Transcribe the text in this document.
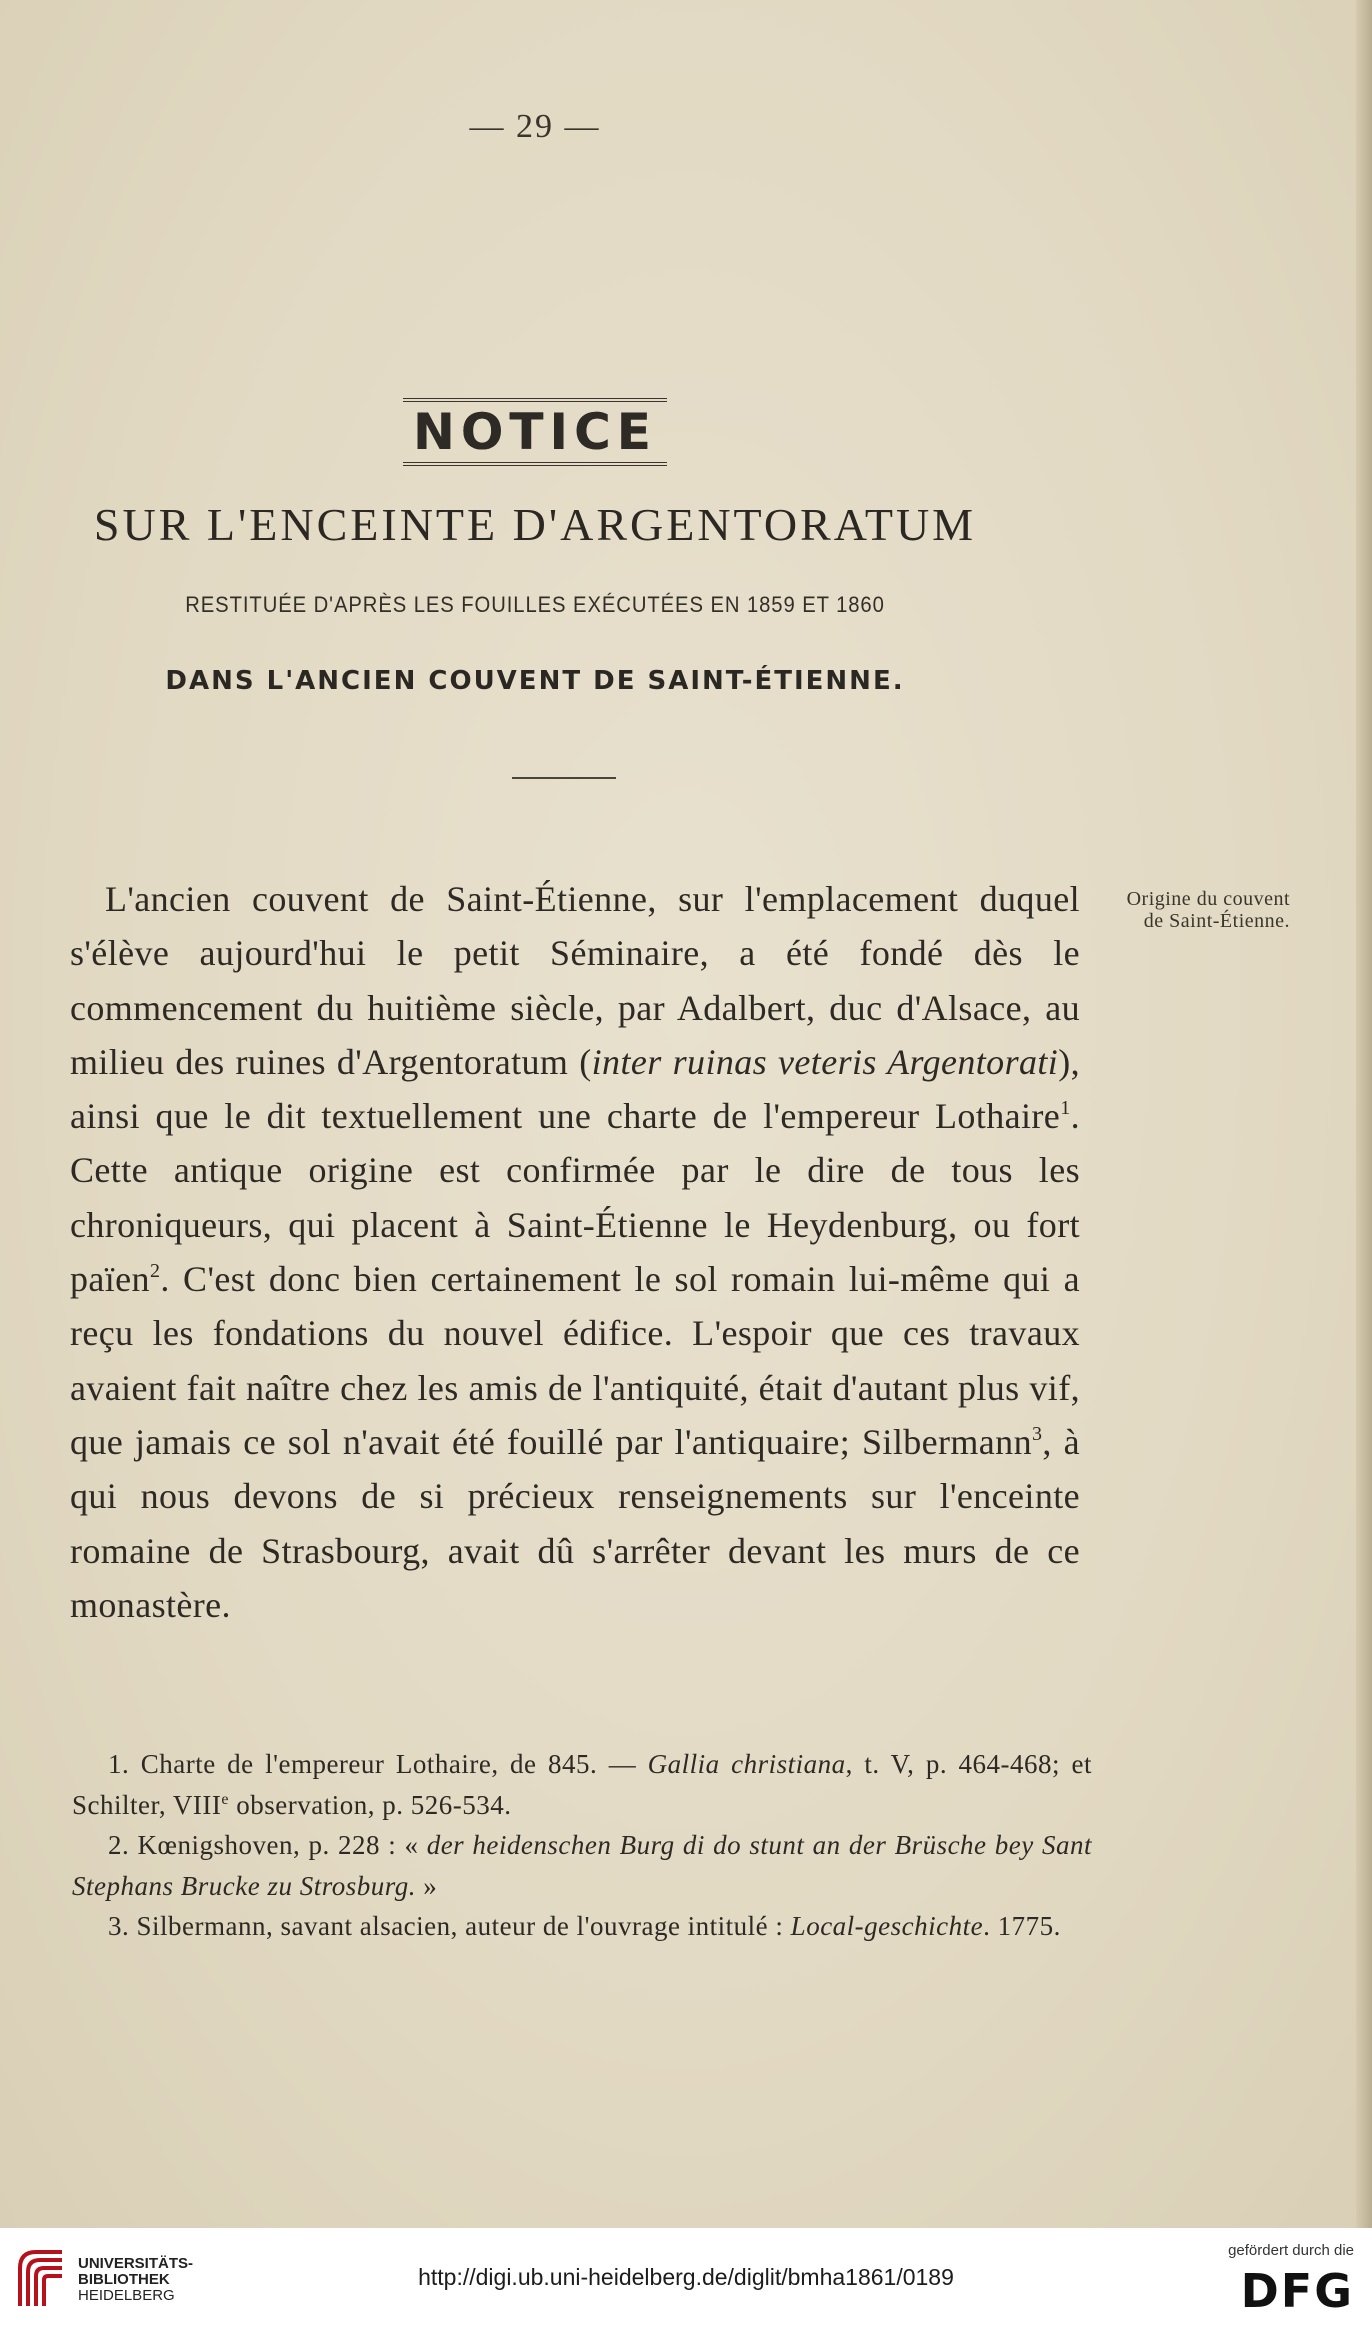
— 29 —
NOTICE
SUR L'ENCEINTE D'ARGENTORATUM
RESTITUÉE D'APRÈS LES FOUILLES EXÉCUTÉES EN 1859 ET 1860
DANS L'ANCIEN COUVENT DE SAINT-ÉTIENNE.
Origine du couvent
de Saint-Étienne.

L'ancien couvent de Saint-Étienne, sur l'emplacement duquel s'élève aujourd'hui le petit Séminaire, a été fondé dès le commencement du huitième siècle, par Adalbert, duc d'Alsace, au milieu des ruines d'Argentoratum (inter ruinas veteris Argentorati), ainsi que le dit textuellement une charte de l'empereur Lothaire$^1$. Cette antique origine est confirmée par le dire de tous les chroniqueurs, qui placent à Saint-Étienne le Heydenburg, ou fort païen$^2$. C'est donc bien certainement le sol romain lui-même qui a reçu les fondations du nouvel édifice. L'espoir que ces travaux avaient fait naître chez les amis de l'antiquité, était d'autant plus vif, que jamais ce sol n'avait été fouillé par l'antiquaire; Silbermann$^3$, à qui nous devons de si précieux renseignements sur l'enceinte romaine de Strasbourg, avait dû s'arrêter devant les murs de ce monastère.

1. Charte de l'empereur Lothaire, de 845. — Gallia christiana, t. V, p. 464-468; et Schilter, VIIIe observation, p. 526-534.

2. Kœnigshoven, p. 228 : « der heidenschen Burg di do stunt an der Brüsche bey Sant Stephans Brucke zu Strosburg. »

3. Silbermann, savant alsacien, auteur de l'ouvrage intitulé : Local-geschichte. 1775.

UNIVERSITÄTS-
BIBLIOTHEK
HEIDELBERG
http://digi.ub.uni-heidelberg.de/diglit/bmha1861/0189
gefördert durch die
DFG
